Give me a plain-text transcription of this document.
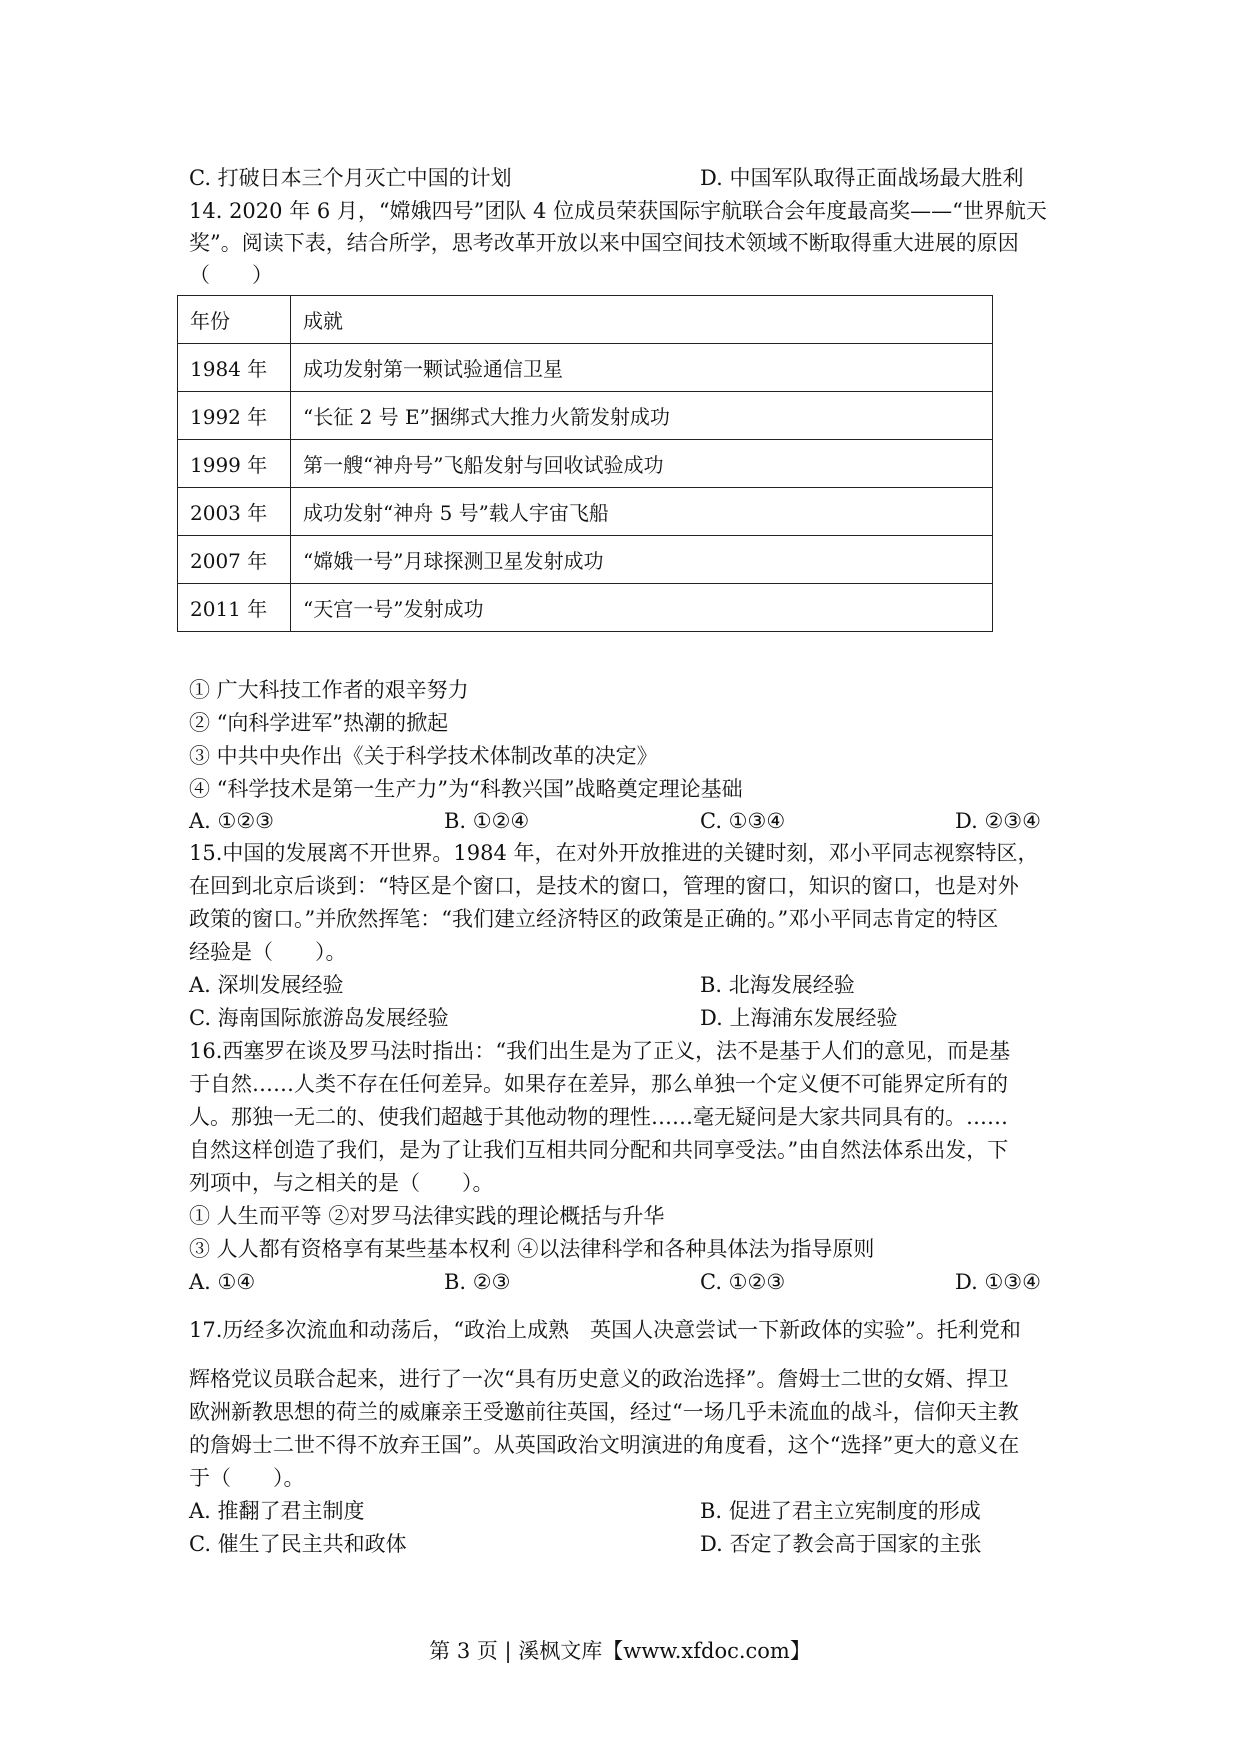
C. 打破日本三个月灭亡中国的计划	D. 中国军队取得正面战场最大胜利
14. 2020 年 6 月，“嫦娥四号”团队 4 位成员荣获国际宇航联合会年度最高奖——“世界航天
奖”。阅读下表，结合所学，思考改革开放以来中国空间技术领域不断取得重大进展的原因
（　　）
年份	成就
1984 年	成功发射第一颗试验通信卫星
1992 年	“长征 2 号 E”捆绑式大推力火箭发射成功
1999 年	第一艘“神舟号”飞船发射与回收试验成功
2003 年	成功发射“神舟 5 号”载人宇宙飞船
2007 年	“嫦娥一号”月球探测卫星发射成功
2011 年	“天宫一号”发射成功
① 广大科技工作者的艰辛努力
② “向科学进军”热潮的掀起
③ 中共中央作出《关于科学技术体制改革的决定》
④ “科学技术是第一生产力”为“科教兴国”战略奠定理论基础
A. ①②③	B. ①②④	C. ①③④	D. ②③④
15.中国的发展离不开世界。1984 年，在对外开放推进的关键时刻，邓小平同志视察特区，
在回到北京后谈到：“特区是个窗口，是技术的窗口，管理的窗口，知识的窗口，也是对外
政策的窗口。”并欣然挥笔：“我们建立经济特区的政策是正确的。”邓小平同志肯定的特区
经验是（　　）。
A. 深圳发展经验	B. 北海发展经验
C. 海南国际旅游岛发展经验	D. 上海浦东发展经验
16.西塞罗在谈及罗马法时指出：“我们出生是为了正义，法不是基于人们的意见，而是基
于自然……人类不存在任何差异。如果存在差异，那么单独一个定义便不可能界定所有的
人。那独一无二的、使我们超越于其他动物的理性……毫无疑问是大家共同具有的。……
自然这样创造了我们，是为了让我们互相共同分配和共同享受法。”由自然法体系出发，下
列项中，与之相关的是（　　）。
① 人生而平等 ②对罗马法律实践的理论概括与升华
③ 人人都有资格享有某些基本权利 ④以法律科学和各种具体法为指导原则
A. ①④	B. ②③	C. ①②③	D. ①③④
17.历经多次流血和动荡后，“政治上成熟　英国人决意尝试一下新政体的实验”。托利党和
辉格党议员联合起来，进行了一次“具有历史意义的政治选择”。詹姆士二世的女婿、捍卫
欧洲新教思想的荷兰的威廉亲王受邀前往英国，经过“一场几乎未流血的战斗，信仰天主教
的詹姆士二世不得不放弃王国”。从英国政治文明演进的角度看，这个“选择”更大的意义在
于（　　）。
A. 推翻了君主制度	B. 促进了君主立宪制度的形成
C. 催生了民主共和政体	D. 否定了教会高于国家的主张
第 3 页 | 溪枫文库【www.xfdoc.com】
